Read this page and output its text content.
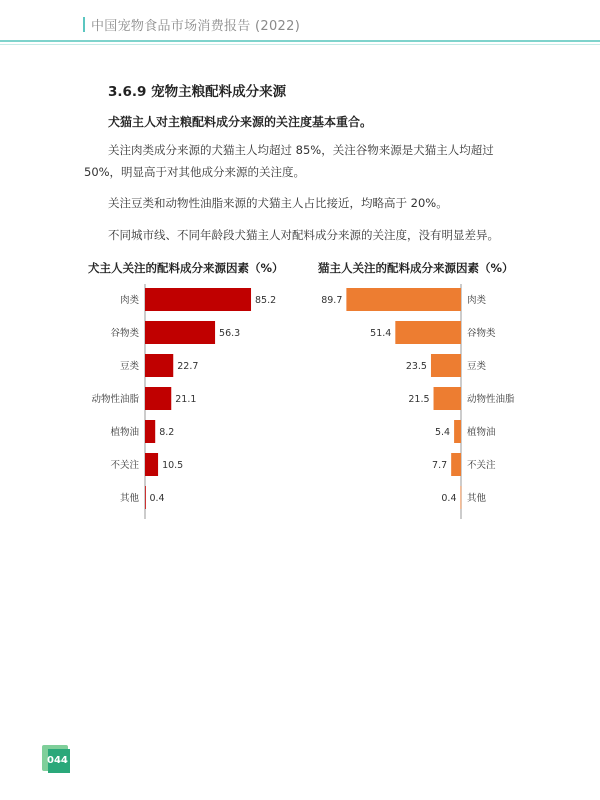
中国宠物食品市场消费报告 (2022)
3.6.9 宠物主粮配料成分来源
犬猫主人对主粮配料成分来源的关注度基本重合。
关注肉类成分来源的犬猫主人均超过 85%，关注谷物来源是犬猫主人均超过 50%，明显高于对其他成分来源的关注度。
关注豆类和动物性油脂来源的犬猫主人占比接近，均略高于 20%。
不同城市线、不同年龄段犬猫主人对配料成分来源的关注度，没有明显差异。
犬主人关注的配料成分来源因素（%）	猫主人关注的配料成分来源因素（%）
85.2
肉类
56.3
谷物类
22.7
豆类
21.1
动物性油脂
8.2
植物油
10.5
不关注
0.4
其他
89.7	肉类
51.4	谷物类
23.5	豆类
21.5	动物性油脂
5.4 植物油
7.7 不关注
0.4 其他
044
